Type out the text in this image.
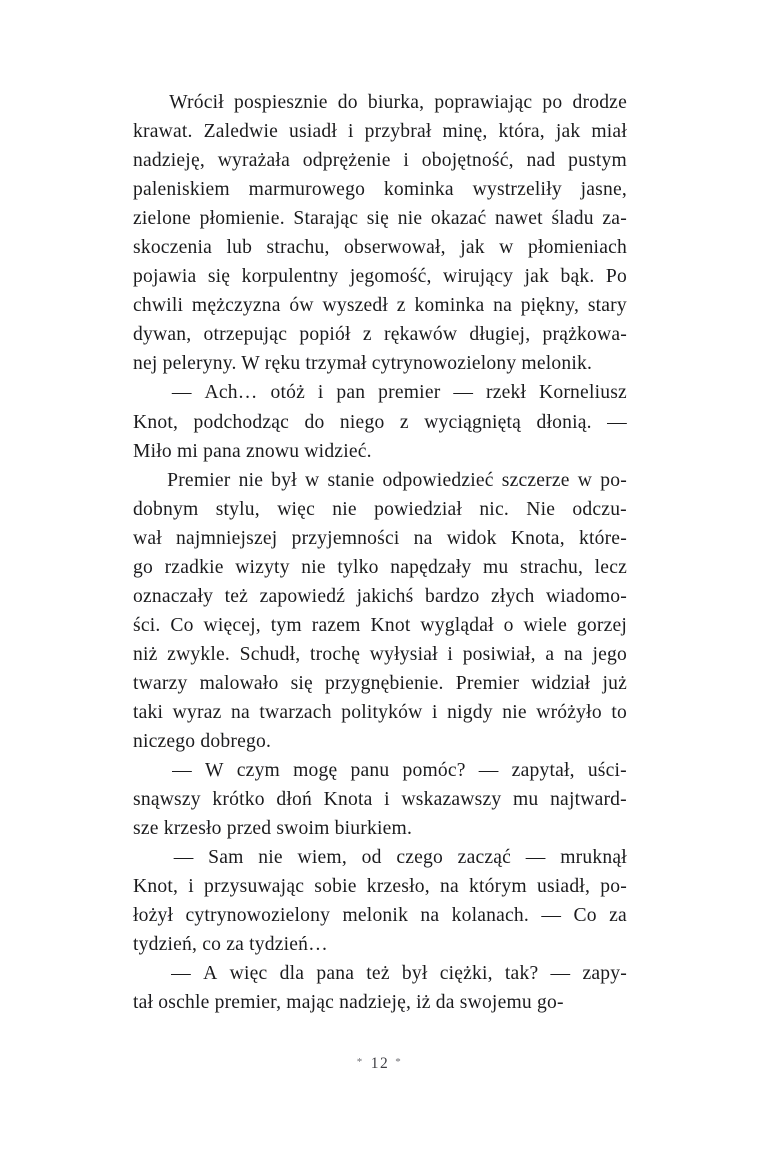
Wrócił pospiesznie do biurka, poprawiając po drodze
krawat. Zaledwie usiadł i przybrał minę, która, jak miał
nadzieję, wyrażała odprężenie i obojętność, nad pustym
paleniskiem marmurowego kominka wystrzeliły jasne,
zielone płomienie. Starając się nie okazać nawet śladu za-
skoczenia lub strachu, obserwował, jak w płomieniach
pojawia się korpulentny jegomość, wirujący jak bąk. Po
chwili mężczyzna ów wyszedł z kominka na piękny, stary
dywan, otrzepując popiół z rękawów długiej, prążkowa-
nej peleryny. W ręku trzymał cytrynowozielony melonik.

— Ach… otóż i pan premier — rzekł Korneliusz
Knot, podchodząc do niego z wyciągniętą dłonią. —
Miło mi pana znowu widzieć.

Premier nie był w stanie odpowiedzieć szczerze w po-
dobnym stylu, więc nie powiedział nic. Nie odczu-
wał najmniejszej przyjemności na widok Knota, które-
go rzadkie wizyty nie tylko napędzały mu strachu, lecz
oznaczały też zapowiedź jakichś bardzo złych wiadomo-
ści. Co więcej, tym razem Knot wyglądał o wiele gorzej
niż zwykle. Schudł, trochę wyłysiał i posiwiał, a na jego
twarzy malowało się przygnębienie. Premier widział już
taki wyraz na twarzach polityków i nigdy nie wróżyło to
niczego dobrego.

— W czym mogę panu pomóc? — zapytał, uści-
snąwszy krótko dłoń Knota i wskazawszy mu najtward-
sze krzesło przed swoim biurkiem.

— Sam nie wiem, od czego zacząć — mruknął
Knot, i przysuwając sobie krzesło, na którym usiadł, po-
łożył cytrynowozielony melonik na kolanach. — Co za
tydzień, co za tydzień…

— A więc dla pana też był ciężki, tak? — zapy-
tał oschle premier, mając nadzieję, iż da swojemu go-

* 12 *
